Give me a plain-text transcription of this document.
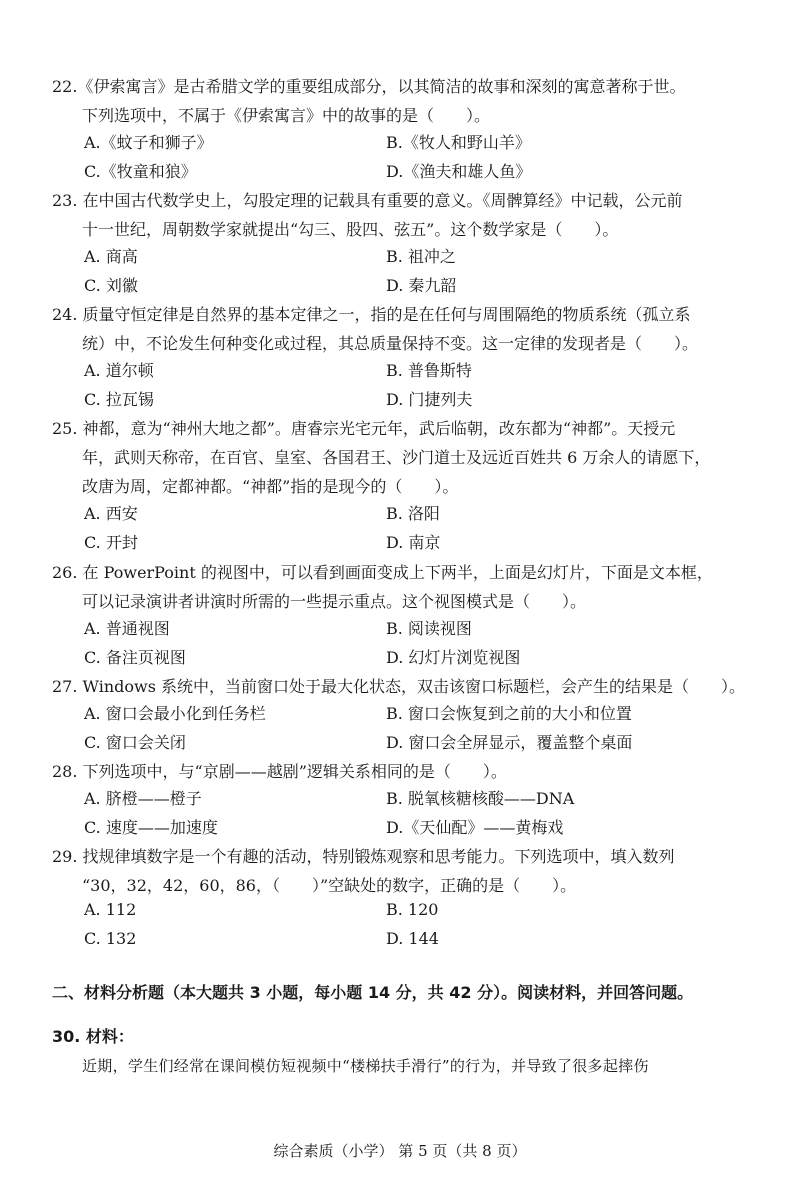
22.《伊索寓言》是古希腊文学的重要组成部分，以其简洁的故事和深刻的寓意著称于世。
下列选项中，不属于《伊索寓言》中的故事的是（　　）。
A.《蚊子和狮子》	B.《牧人和野山羊》
C.《牧童和狼》	D.《渔夫和雄人鱼》
23. 在中国古代数学史上，勾股定理的记载具有重要的意义。《周髀算经》中记载，公元前
十一世纪，周朝数学家就提出“勾三、股四、弦五”。这个数学家是（　　）。
A. 商高	B. 祖冲之
C. 刘徽	D. 秦九韶
24. 质量守恒定律是自然界的基本定律之一，指的是在任何与周围隔绝的物质系统（孤立系
统）中，不论发生何种变化或过程，其总质量保持不变。这一定律的发现者是（　　）。
A. 道尔顿	B. 普鲁斯特
C. 拉瓦锡	D. 门捷列夫
25. 神都，意为“神州大地之都”。唐睿宗光宅元年，武后临朝，改东都为“神都”。天授元
年，武则天称帝，在百官、皇室、各国君王、沙门道士及远近百姓共 6 万余人的请愿下，
改唐为周，定都神都。“神都”指的是现今的（　　）。
A. 西安	B. 洛阳
C. 开封	D. 南京
26. 在 PowerPoint 的视图中，可以看到画面变成上下两半，上面是幻灯片，下面是文本框，
可以记录演讲者讲演时所需的一些提示重点。这个视图模式是（　　）。
A. 普通视图	B. 阅读视图
C. 备注页视图	D. 幻灯片浏览视图
27. Windows 系统中，当前窗口处于最大化状态，双击该窗口标题栏，会产生的结果是（　　）。
A. 窗口会最小化到任务栏	B. 窗口会恢复到之前的大小和位置
C. 窗口会关闭	D. 窗口会全屏显示，覆盖整个桌面
28. 下列选项中，与“京剧——越剧”逻辑关系相同的是（　　）。
A. 脐橙——橙子	B. 脱氧核糖核酸——DNA
C. 速度——加速度	D.《天仙配》——黄梅戏
29. 找规律填数字是一个有趣的活动，特别锻炼观察和思考能力。下列选项中，填入数列
“30，32，42，60，86，（　　）”空缺处的数字，正确的是（　　）。
A. 112	B. 120
C. 132	D. 144
二、材料分析题（本大题共 3 小题，每小题 14 分，共 42 分）。阅读材料，并回答问题。
30. 材料：
近期，学生们经常在课间模仿短视频中“楼梯扶手滑行”的行为，并导致了很多起摔伤
综合素质（小学） 第 5 页（共 8 页）
